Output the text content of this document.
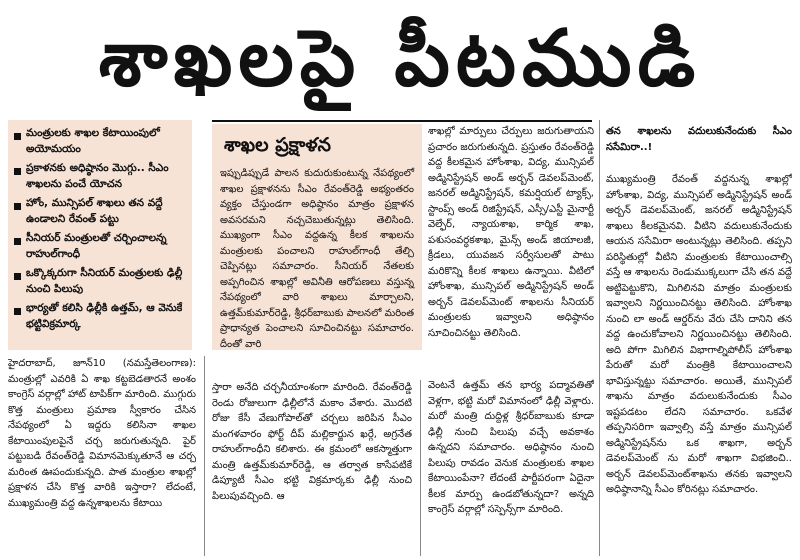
శాఖలపై పీటముడి
మంత్రులకు శాఖల కేటాయింపులో అయోమయం
ప్రకాళనకు అధిష్ఠానం మొగ్గు.. సీఎం శాఖలను పంచే యోచన
హోం, మున్సిపల్ శాఖలు తన వద్దే ఉండాలని రేవంత్ పట్టు
సీనియర్ మంత్రులతో చర్చించాలన్న రాహుల్‌గాంధీ
ఒక్కొక్కరుగా సీనియర్ మంత్రులకు ఢిల్లీ నుంచి పిలుపు
భార్యతో కలిసి ఢిల్లీకి ఉత్తమ్, ఆ వెనుకే భట్టివిక్రమార్క
హైదరాబాద్, జూన్10 (నమస్తేతెలంగాణ): మంత్రుల్లో ఎవరికి ఏ శాఖ కట్టబెడతారనే అంశం కాంగ్రెస్ వర్గాల్లో హాట్ టాపిక్‌గా మారింది. ముగ్గురు కొత్త మంత్రులు ప్రమాణ స్వీకారం చేసిన నేపథ్యంలో ఏ ఇద్దరు కలిసినా శాఖల కేటాయింపులపైనే చర్చ జరుగుతున్నది. పైర్ పట్టుబడి రేవంత్‌రెడ్డి విమానమెక్కుతూనే ఆ చర్చ మరింత ఊపందుకున్నది. పాత మంత్రుల శాఖల్లో ప్రక్షాళన చేసి కొత్త వారికి ఇస్తారా? లేదంటే, ముఖ్యమంత్రి వద్ద ఉన్నశాఖలను కేటాయి
శాఖల ప్రక్షాళన

ఇప్పుడిప్పుడే పాలన కుదురుకుంటున్న నేపథ్యంలో శాఖల ప్రక్షాళనను సీఎం రేవంత్‌రెడ్డి అభ్యంతరం వ్యక్తం చేస్తుండగా అధిష్ఠానం మాత్రం ప్రక్షాళన అవసరమని నచ్చచెబుతున్నట్లు తెలిసింది. ముఖ్యంగా సీఎం వద్దఉన్న కీలక శాఖలను మంత్రులకు పంచాలని రాహుల్‌గాంధీ తేల్చి చెప్పినట్లు సమాచారం. సీనియర్ నేతలకు అప్పగించిన శాఖల్లో అవినీతి ఆరోపణలు వస్తున్న నేపథ్యంలో వారి శాఖలు మార్చాలని, ఉత్తమ్‌కుమార్‌రెడ్డి, శ్రీధర్‌బాబుకు పాలనలో మరింత ప్రాధాన్యత పెంచాలని సూచించినట్టు సమాచారం. దీంతో వారి

స్తారా అనేది చర్చనీయాంశంగా మారింది. రేవంత్‌రెడ్డి రెండు రోజులుగా ఢిల్లీలోనే మకాం వేశారు. మొదటి రోజు కేసీ వేణుగోపాల్‌తో చర్చలు జరిపిన సీఎం మంగళవారం ఫోర్ట్ దీప్ మల్లికార్జున ఖర్గే, అగ్రనేత రాహుల్‌గాంధీని కలిశారు. ఈ క్రమంలో ఆకస్మాత్తుగా మంత్రి ఉత్తమ్‌కుమార్‌రెడ్డి, ఆ తర్వాత కాసేపటికే డిప్యూటీ సీఎం భట్టి విక్రమార్కకు ఢిల్లీ నుంచి పిలుపువచ్చింది. ఆ
శాఖల్లో మార్పులు చేర్పులు జరుగుతాయని ప్రచారం జరుగుతున్నది. ప్రస్తుతం రేవంత్‌రెడ్డి వద్ద కీలకమైన హోంశాఖ, విద్య, మున్సిపల్ అడ్మినిస్ట్రేషన్ అండ్ అర్బన్ డెవలప్‌మెంట్, జనరల్ అడ్మినిస్ట్రేషన్, కమర్షియల్ ట్యాక్స్, స్టాంప్స్ అండ్ రిజిస్ట్రేషన్, ఎస్సీ/ఎస్టీ మైనార్టీ వెల్ఫేర్, న్యాయశాఖ, కార్మిక శాఖ, పశుసంవర్ధకశాఖ, మైన్స్ అండ్ జియాలజీ, క్రీడలు, యువజన సర్వీసులతో పాటు మరికొన్ని కీలక శాఖలు ఉన్నాయి. వీటిలో హోంశాఖ, మున్సిపల్ అడ్మినిస్ట్రేషన్ అండ్ అర్బన్ డెవలప్‌మెంట్ శాఖలను సీనియర్ మంత్రులకు ఇవ్వాలని అధిష్ఠానం సూచించినట్టు తెలిసింది.
వెంటనే ఉత్తమ్ తన భార్య పద్మావతితో వెళ్లగా, భట్టి మరో విమానంలో ఢిల్లీ వెళ్లారు. మరో మంత్రి దుద్దిళ్ల శ్రీధర్‌బాబుకు కూడా ఢిల్లీ నుంచి పిలుపు వచ్చే అవకాశం ఉన్నదని సమాచారం. అధిష్ఠానం నుంచి పిలుపు రావడం వెనుక మంత్రులకు శాఖల కేటాయింపేనా? లేదంటే పార్టీపరంగా ఏదైనా కీలక మార్పు ఉండబోతున్నదా? అన్నది కాంగ్రెస్ వర్గాల్లో సస్పెన్స్‌గా మారింది.
తన శాఖలను వదులుకునేందుకు సీఎం ససేమిరా..!
ముఖ్యమంత్రి రేవంత్ వద్దనున్న శాఖల్లో హోంశాఖ, విద్య, మున్సిపల్ అడ్మినిస్ట్రేషన్ అండ్ అర్బన్ డెవలప్‌మెంట్, జనరల్ అడ్మినిస్ట్రేషన్ శాఖలు కీలకమైనవి. వీటిని వదులుకునేందుకు ఆయన ససేమిరా అంటున్నట్లు తెలిసింది. తప్పని పరిస్థితుల్లో వీటిని మంత్రులకు కేటాయించాల్సి వస్తే ఆ శాఖలను రెండుముక్కలుగా చేసి తన వద్దే అట్టిపెట్టుకొని, మిగిలినవి మాత్రం మంత్రులకు ఇవ్వాలని నిర్ణయించినట్టు తెలిసింది. హోంశాఖ నుంచి లా అండ్ ఆర్డర్‌ను వేరు చేసి దానిని తన వద్ద ఉంచుకోవాలని నిర్ణయించినట్టు తెలిసింది. అది పోగా మిగిలిన విభాగాల్నిపోలీస్ హోంశాఖ పేరుతో మరో మంత్రికి కేటాయించాలని భావిస్తున్నట్టు సమాచారం. అయితే, మున్సిపల్ శాఖను మాత్రం వదులుకునేందుకు సీఎం ఇష్టపడటం లేదని సమాచారం. ఒకవేళ తప్పనిసరిగా ఇవ్వాల్సి వస్తే మాత్రం మున్సిపల్ అడ్మినిస్ట్రేషన్‌ను ఒక శాఖగా, అర్బన్ డెవలప్‌మెంట్ ను మరో శాఖగా విభజించి.. అర్బన్ డెవలప్‌మెంట్‌శాఖను తనకు ఇవ్వాలని అధిష్ఠానాన్ని సీఎం కోరినట్లు సమాచారం.
